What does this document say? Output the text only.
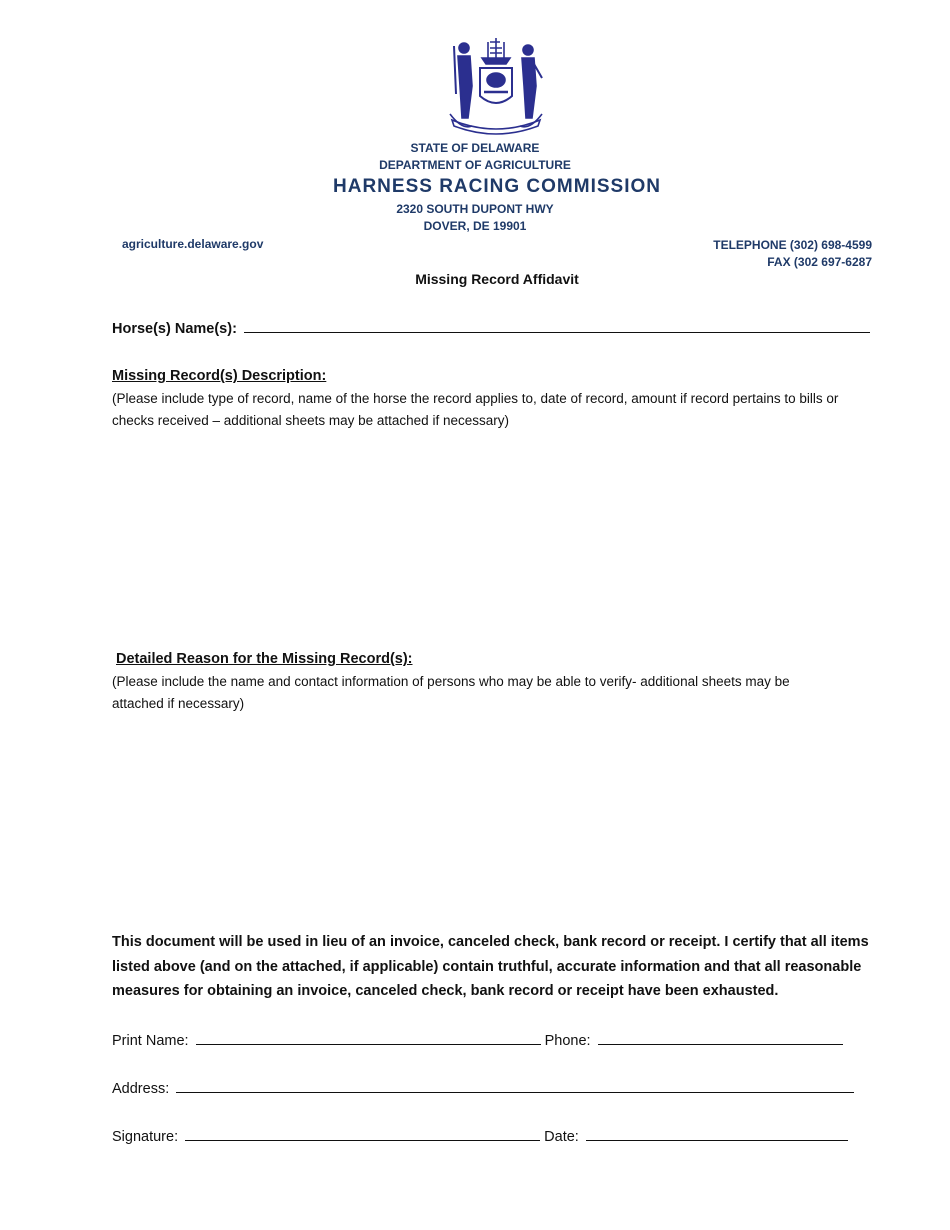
STATE OF DELAWARE
DEPARTMENT OF AGRICULTURE
HARNESS RACING COMMISSION
2320 SOUTH DUPONT HWY
DOVER, DE 19901
agriculture.delaware.gov	TELEPHONE (302) 698-4599
FAX (302 697-6287
Missing Record Affidavit
Horse(s) Name(s):
Missing Record(s) Description:
(Please include type of record, name of the horse the record applies to, date of record, amount if record pertains to bills or checks received – additional sheets may be attached if necessary)
Detailed Reason for the Missing Record(s):
(Please include the name and contact information of persons who may be able to verify- additional sheets may be attached if necessary)
This document will be used in lieu of an invoice, canceled check, bank record or receipt. I certify that all items listed above (and on the attached, if applicable) contain truthful, accurate information and that all reasonable measures for obtaining an invoice, canceled check, bank record or receipt have been exhausted.
Print Name:	Phone:
Address:
Signature:	Date:
